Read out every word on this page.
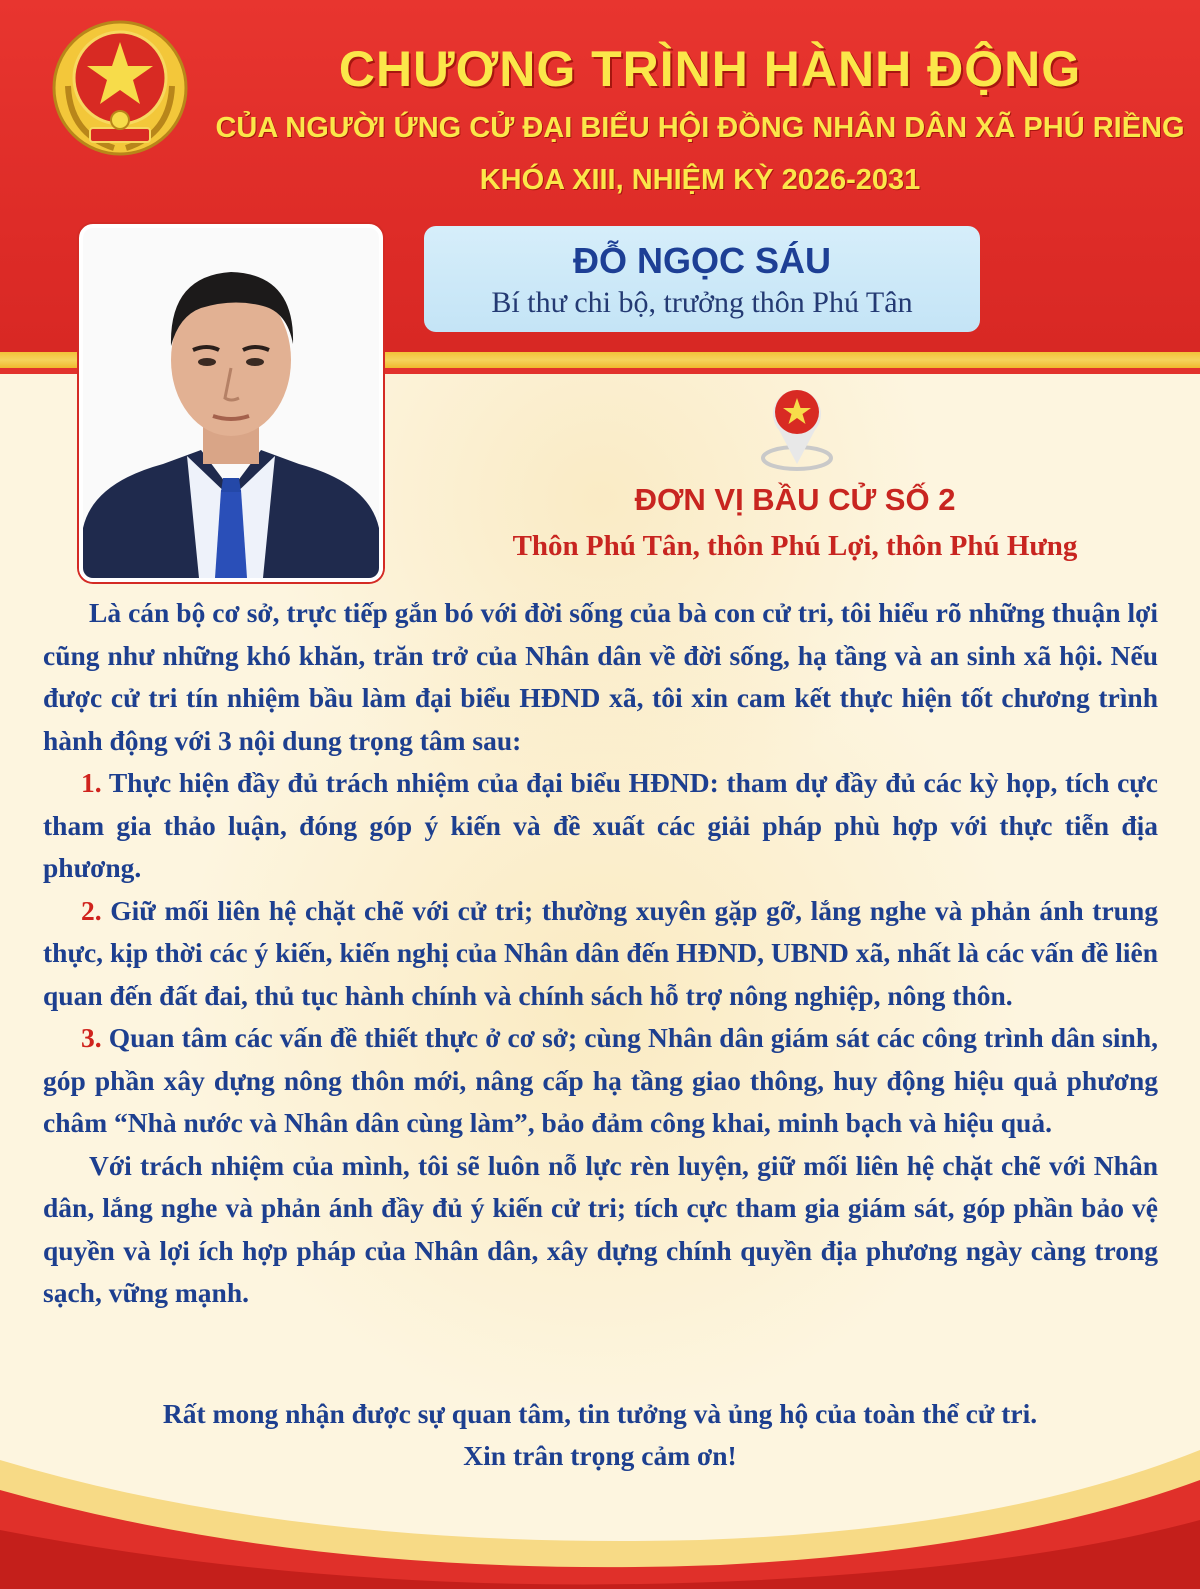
CHƯƠNG TRÌNH HÀNH ĐỘNG
CỦA NGƯỜI ỨNG CỬ ĐẠI BIỂU HỘI ĐỒNG NHÂN DÂN XÃ PHÚ RIỀNG
KHÓA XIII, NHIỆM KỲ 2026-2031
ĐỖ NGỌC SÁU
Bí thư chi bộ, trưởng thôn Phú Tân
ĐƠN VỊ BẦU CỬ SỐ 2
Thôn Phú Tân, thôn Phú Lợi, thôn Phú Hưng

Là cán bộ cơ sở, trực tiếp gắn bó với đời sống của bà con cử tri, tôi hiểu rõ những thuận lợi cũng như những khó khăn, trăn trở của Nhân dân về đời sống, hạ tầng và an sinh xã hội. Nếu được cử tri tín nhiệm bầu làm đại biểu HĐND xã, tôi xin cam kết thực hiện tốt chương trình hành động với 3 nội dung trọng tâm sau:

1. Thực hiện đầy đủ trách nhiệm của đại biểu HĐND: tham dự đầy đủ các kỳ họp, tích cực tham gia thảo luận, đóng góp ý kiến và đề xuất các giải pháp phù hợp với thực tiễn địa phương.

2. Giữ mối liên hệ chặt chẽ với cử tri; thường xuyên gặp gỡ, lắng nghe và phản ánh trung thực, kịp thời các ý kiến, kiến nghị của Nhân dân đến HĐND, UBND xã, nhất là các vấn đề liên quan đến đất đai, thủ tục hành chính và chính sách hỗ trợ nông nghiệp, nông thôn.

3. Quan tâm các vấn đề thiết thực ở cơ sở; cùng Nhân dân giám sát các công trình dân sinh, góp phần xây dựng nông thôn mới, nâng cấp hạ tầng giao thông, huy động hiệu quả phương châm “Nhà nước và Nhân dân cùng làm”, bảo đảm công khai, minh bạch và hiệu quả.

Với trách nhiệm của mình, tôi sẽ luôn nỗ lực rèn luyện, giữ mối liên hệ chặt chẽ với Nhân dân, lắng nghe và phản ánh đầy đủ ý kiến cử tri; tích cực tham gia giám sát, góp phần bảo vệ quyền và lợi ích hợp pháp của Nhân dân, xây dựng chính quyền địa phương ngày càng trong sạch, vững mạnh.

Rất mong nhận được sự quan tâm, tin tưởng và ủng hộ của toàn thể cử tri.
Xin trân trọng cảm ơn!
